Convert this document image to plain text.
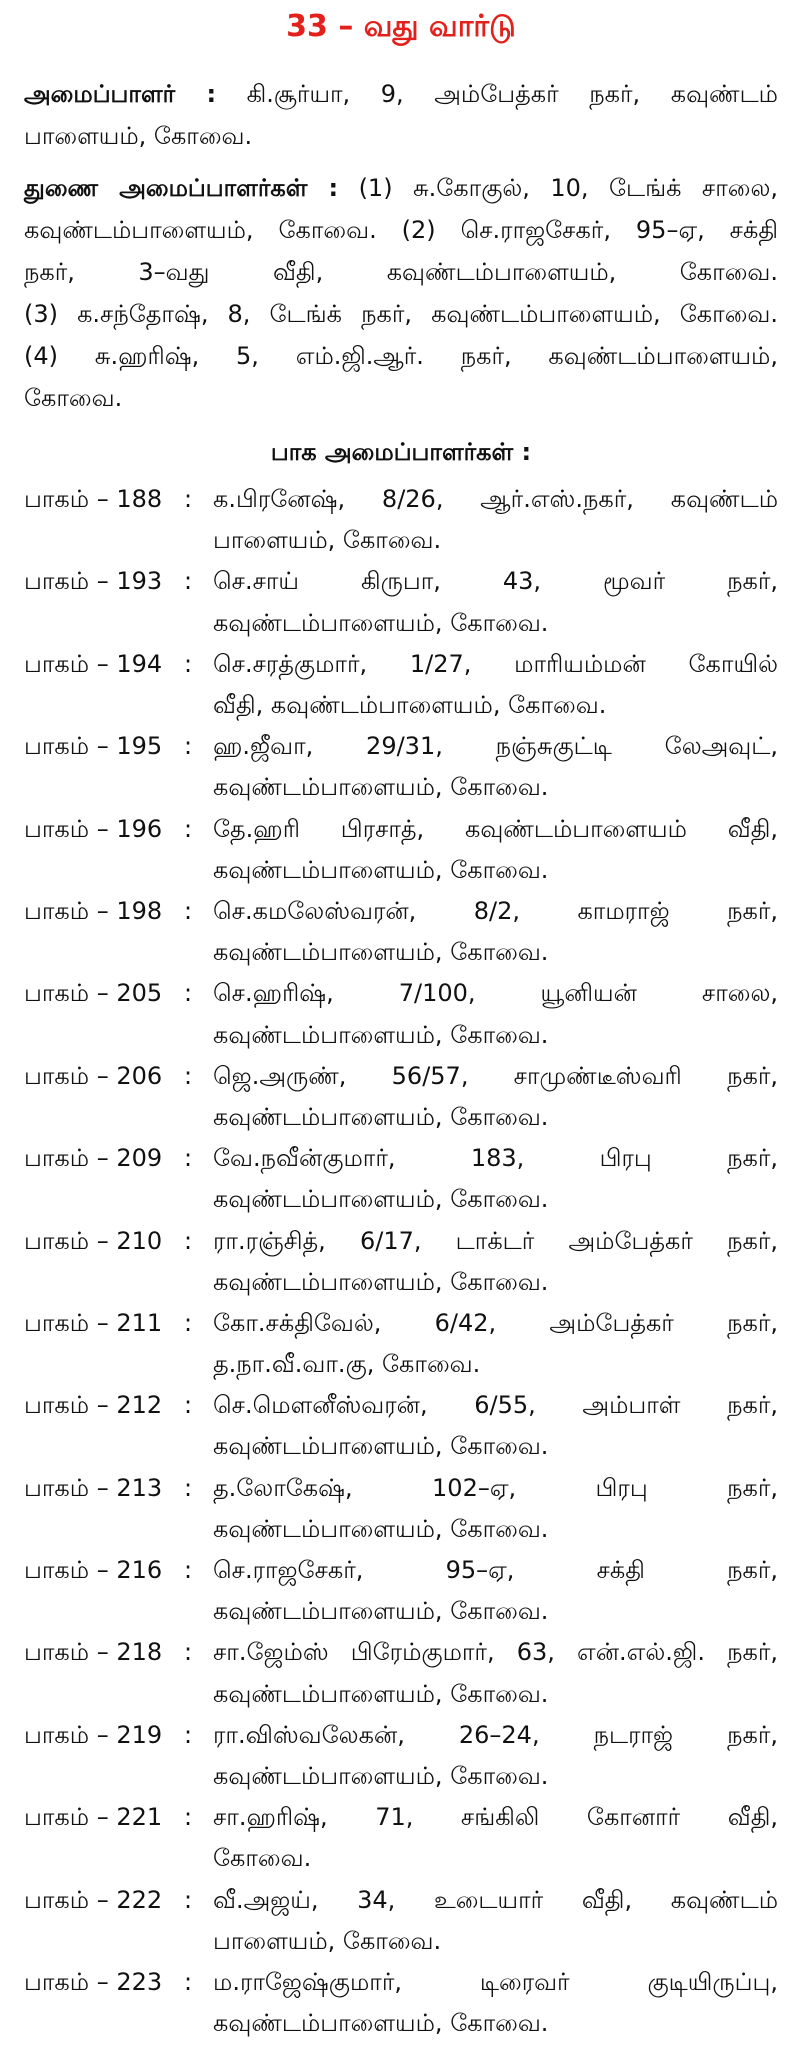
33 – வது வார்டு
அமைப்பாளர் : கி.சூர்யா, 9, அம்பேத்கர் நகர், கவுண்டம்
பாளையம், கோவை.
துணை அமைப்பாளர்கள் : (1) சு.கோகுல், 10, டேங்க் சாலை,
கவுண்டம்பாளையம், கோவை. (2) செ.ராஜசேகர், 95–ஏ, சக்தி
நகர், 3–வது வீதி, கவுண்டம்பாளையம், கோவை.
(3) க.சந்தோஷ், 8, டேங்க் நகர், கவுண்டம்பாளையம், கோவை.
(4) சு.ஹரிஷ், 5, எம்.ஜி.ஆர். நகர், கவுண்டம்பாளையம்,
கோவை.
பாக அமைப்பாளர்கள் :
பாகம் – 188 : க.பிரனேஷ், 8/26, ஆர்.எஸ்.நகர், கவுண்டம்
பாளையம், கோவை.
பாகம் – 193 : செ.சாய் கிருபா, 43, மூவர் நகர்,
கவுண்டம்பாளையம், கோவை.
பாகம் – 194 : செ.சரத்குமார், 1/27, மாரியம்மன் கோயில்
வீதி, கவுண்டம்பாளையம், கோவை.
பாகம் – 195 : ஹ.ஜீவா, 29/31, நஞ்சுகுட்டி லேஅவுட்,
கவுண்டம்பாளையம், கோவை.
பாகம் – 196 : தே.ஹரி பிரசாத், கவுண்டம்பாளையம் வீதி,
கவுண்டம்பாளையம், கோவை.
பாகம் – 198 : செ.கமலேஸ்வரன், 8/2, காமராஜ் நகர்,
கவுண்டம்பாளையம், கோவை.
பாகம் – 205 : செ.ஹரிஷ், 7/100, யூனியன் சாலை,
கவுண்டம்பாளையம், கோவை.
பாகம் – 206 : ஜெ.அருண், 56/57, சாமுண்டீஸ்வரி நகர்,
கவுண்டம்பாளையம், கோவை.
பாகம் – 209 : வே.நவீன்குமார், 183, பிரபு நகர்,
கவுண்டம்பாளையம், கோவை.
பாகம் – 210 : ரா.ரஞ்சித், 6/17, டாக்டர் அம்பேத்கர் நகர்,
கவுண்டம்பாளையம், கோவை.
பாகம் – 211 : கோ.சக்திவேல், 6/42, அம்பேத்கர் நகர்,
த.நா.வீ.வா.கு, கோவை.
பாகம் – 212 : செ.மௌனீஸ்வரன், 6/55, அம்பாள் நகர்,
கவுண்டம்பாளையம், கோவை.
பாகம் – 213 : த.லோகேஷ், 102–ஏ, பிரபு நகர்,
கவுண்டம்பாளையம், கோவை.
பாகம் – 216 : செ.ராஜசேகர், 95–ஏ, சக்தி நகர்,
கவுண்டம்பாளையம், கோவை.
பாகம் – 218 : சா.ஜேம்ஸ் பிரேம்குமார், 63, என்.எல்.ஜி. நகர்,
கவுண்டம்பாளையம், கோவை.
பாகம் – 219 : ரா.விஸ்வலேகன், 26–24, நடராஜ் நகர்,
கவுண்டம்பாளையம், கோவை.
பாகம் – 221 : சா.ஹரிஷ், 71, சங்கிலி கோனார் வீதி,
கோவை.
பாகம் – 222 : வீ.அஜய், 34, உடையார் வீதி, கவுண்டம்
பாளையம், கோவை.
பாகம் – 223 : ம.ராஜேஷ்குமார், டிரைவர் குடியிருப்பு,
கவுண்டம்பாளையம், கோவை.
